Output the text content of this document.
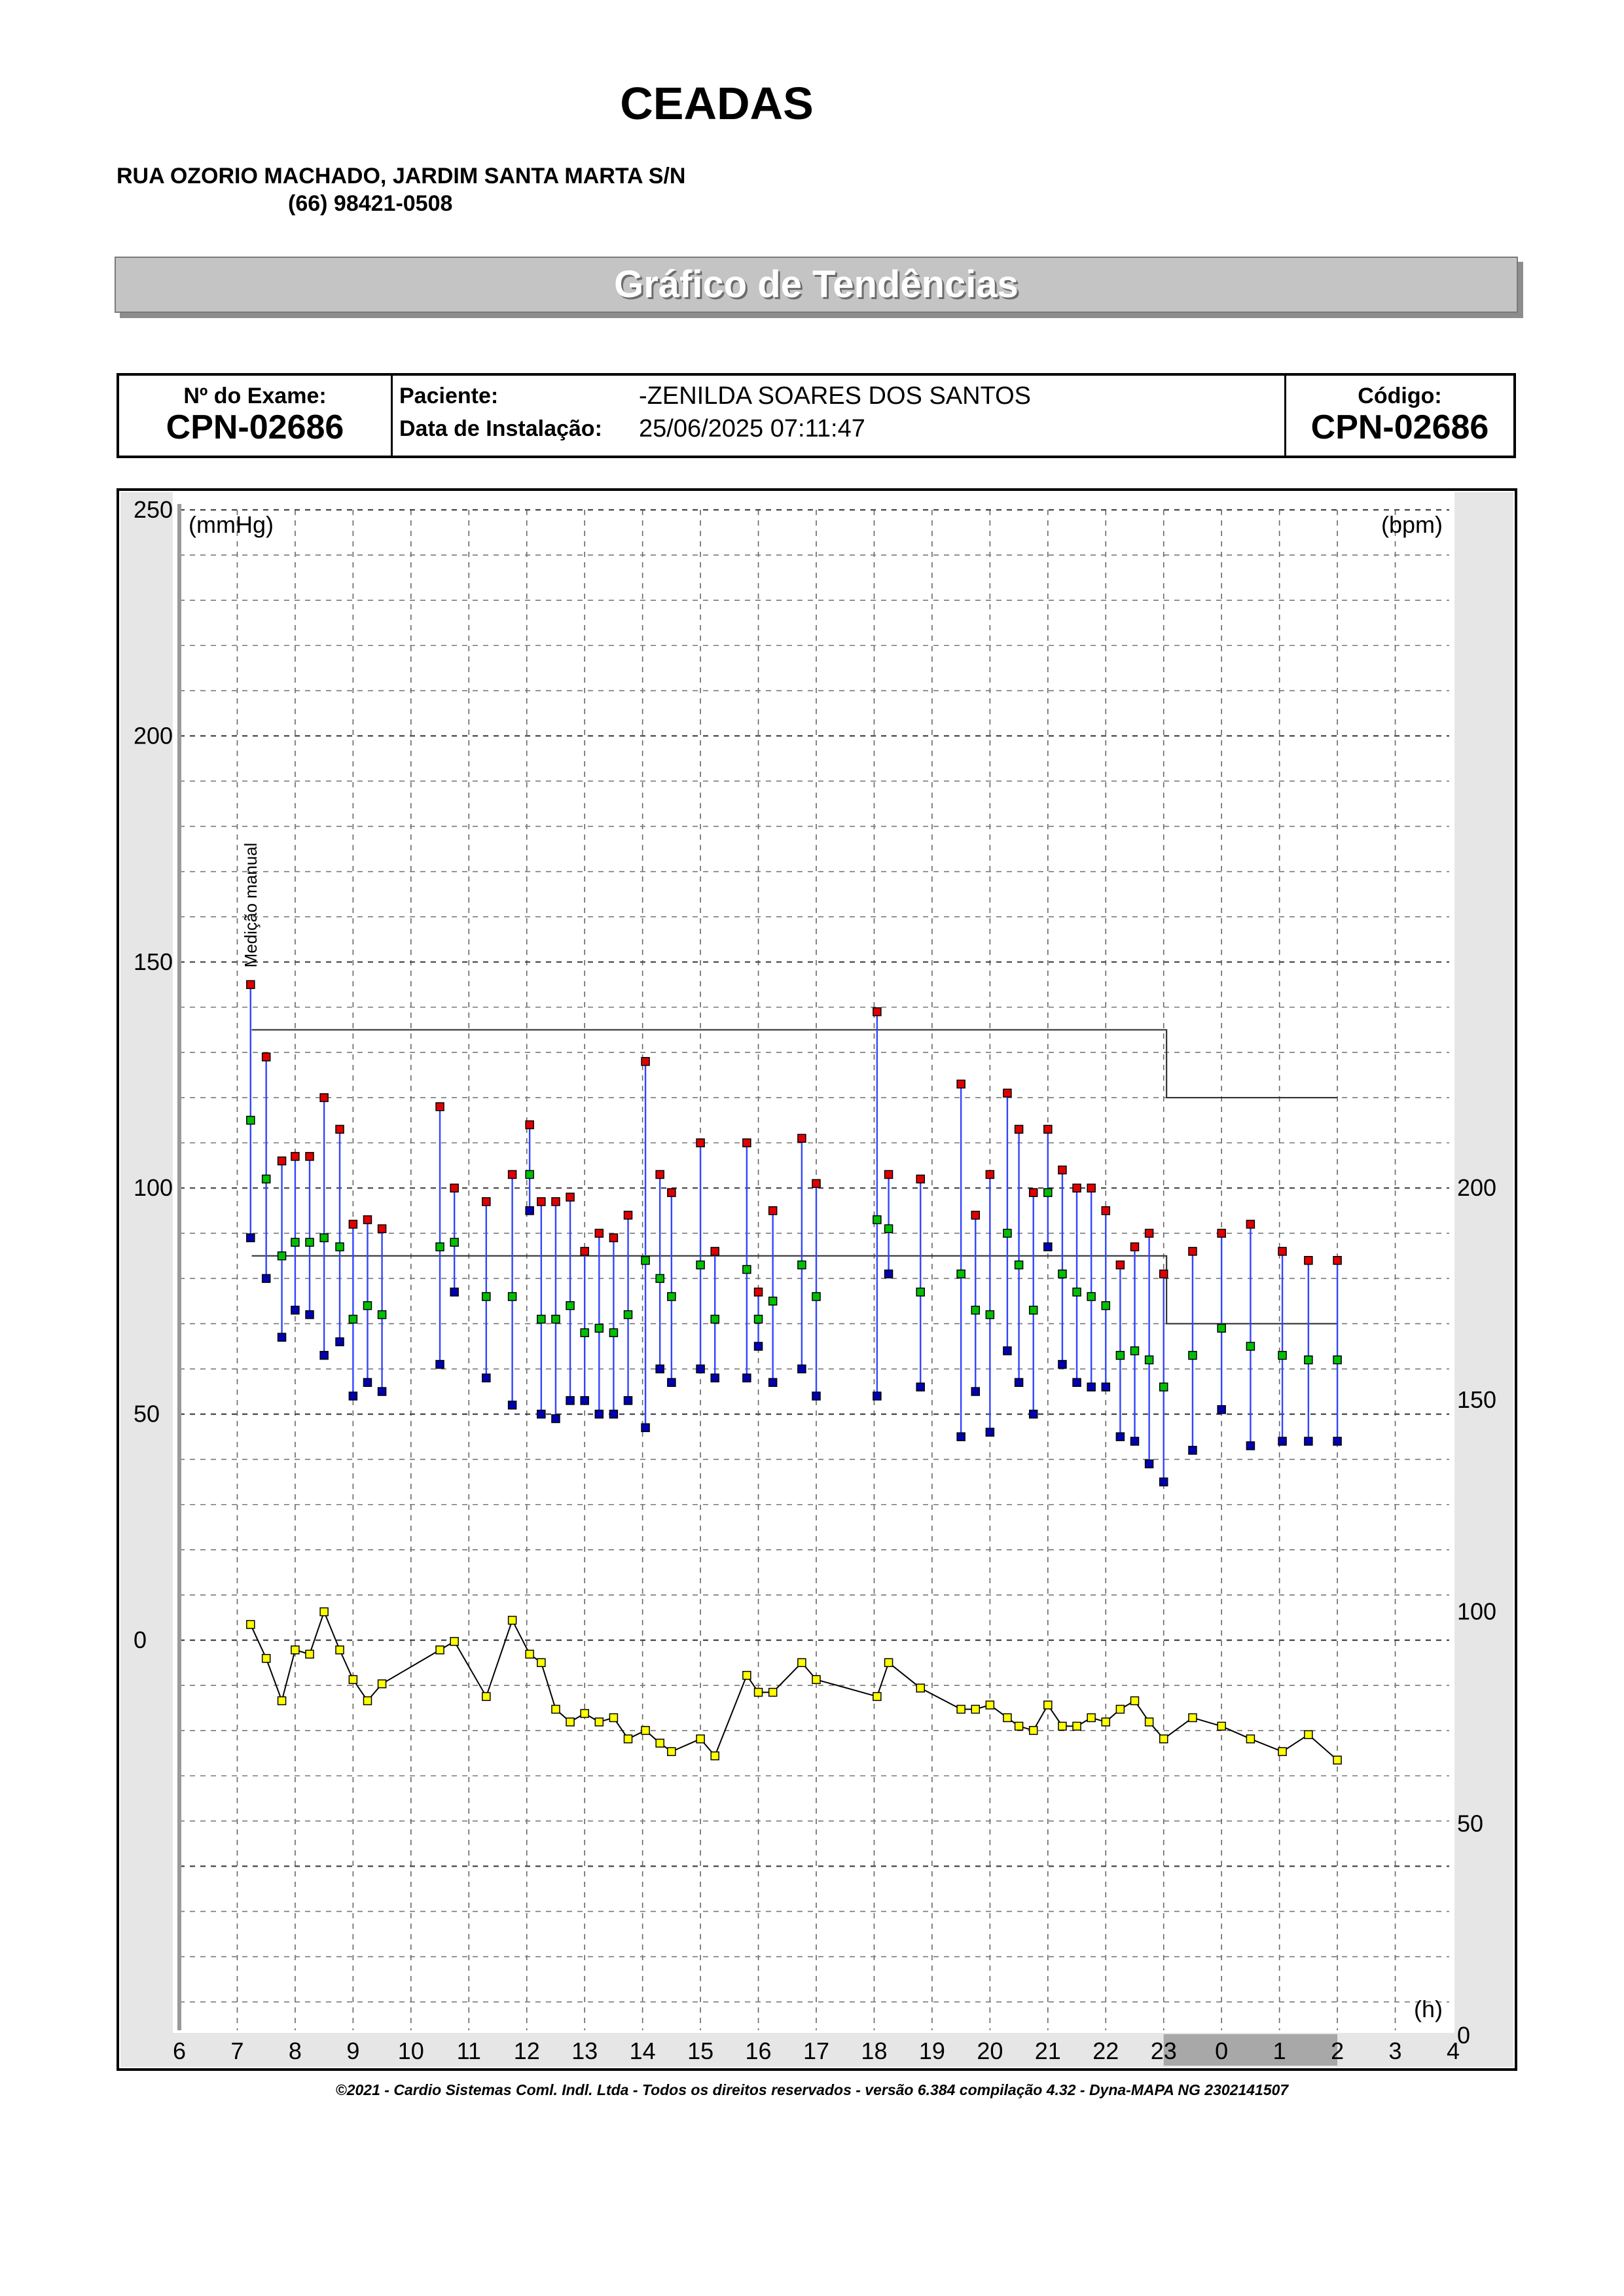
CEADAS
RUA OZORIO MACHADO, JARDIM SANTA MARTA S/N
(66) 98421-0508
Gráfico de Tendências
Nº do Exame:
CPN-02686
Paciente:	-ZENILDA SOARES DOS SANTOS
Data de Instalação: 25/06/2025 07:11:47
Código:
CPN-02686
250
200
150
100
50
0
200
150
100
50
0
6 7 8 9 10 11 12 13 14 15 16 17 18 19 20 21 22 23 0 1 2 3 4
(mmHg)	(bpm)
(h)
Medição manual
©2021 - Cardio Sistemas Coml. Indl. Ltda - Todos os direitos reservados - versão 6.384 compilação 4.32 - Dyna-MAPA NG 2302141507
